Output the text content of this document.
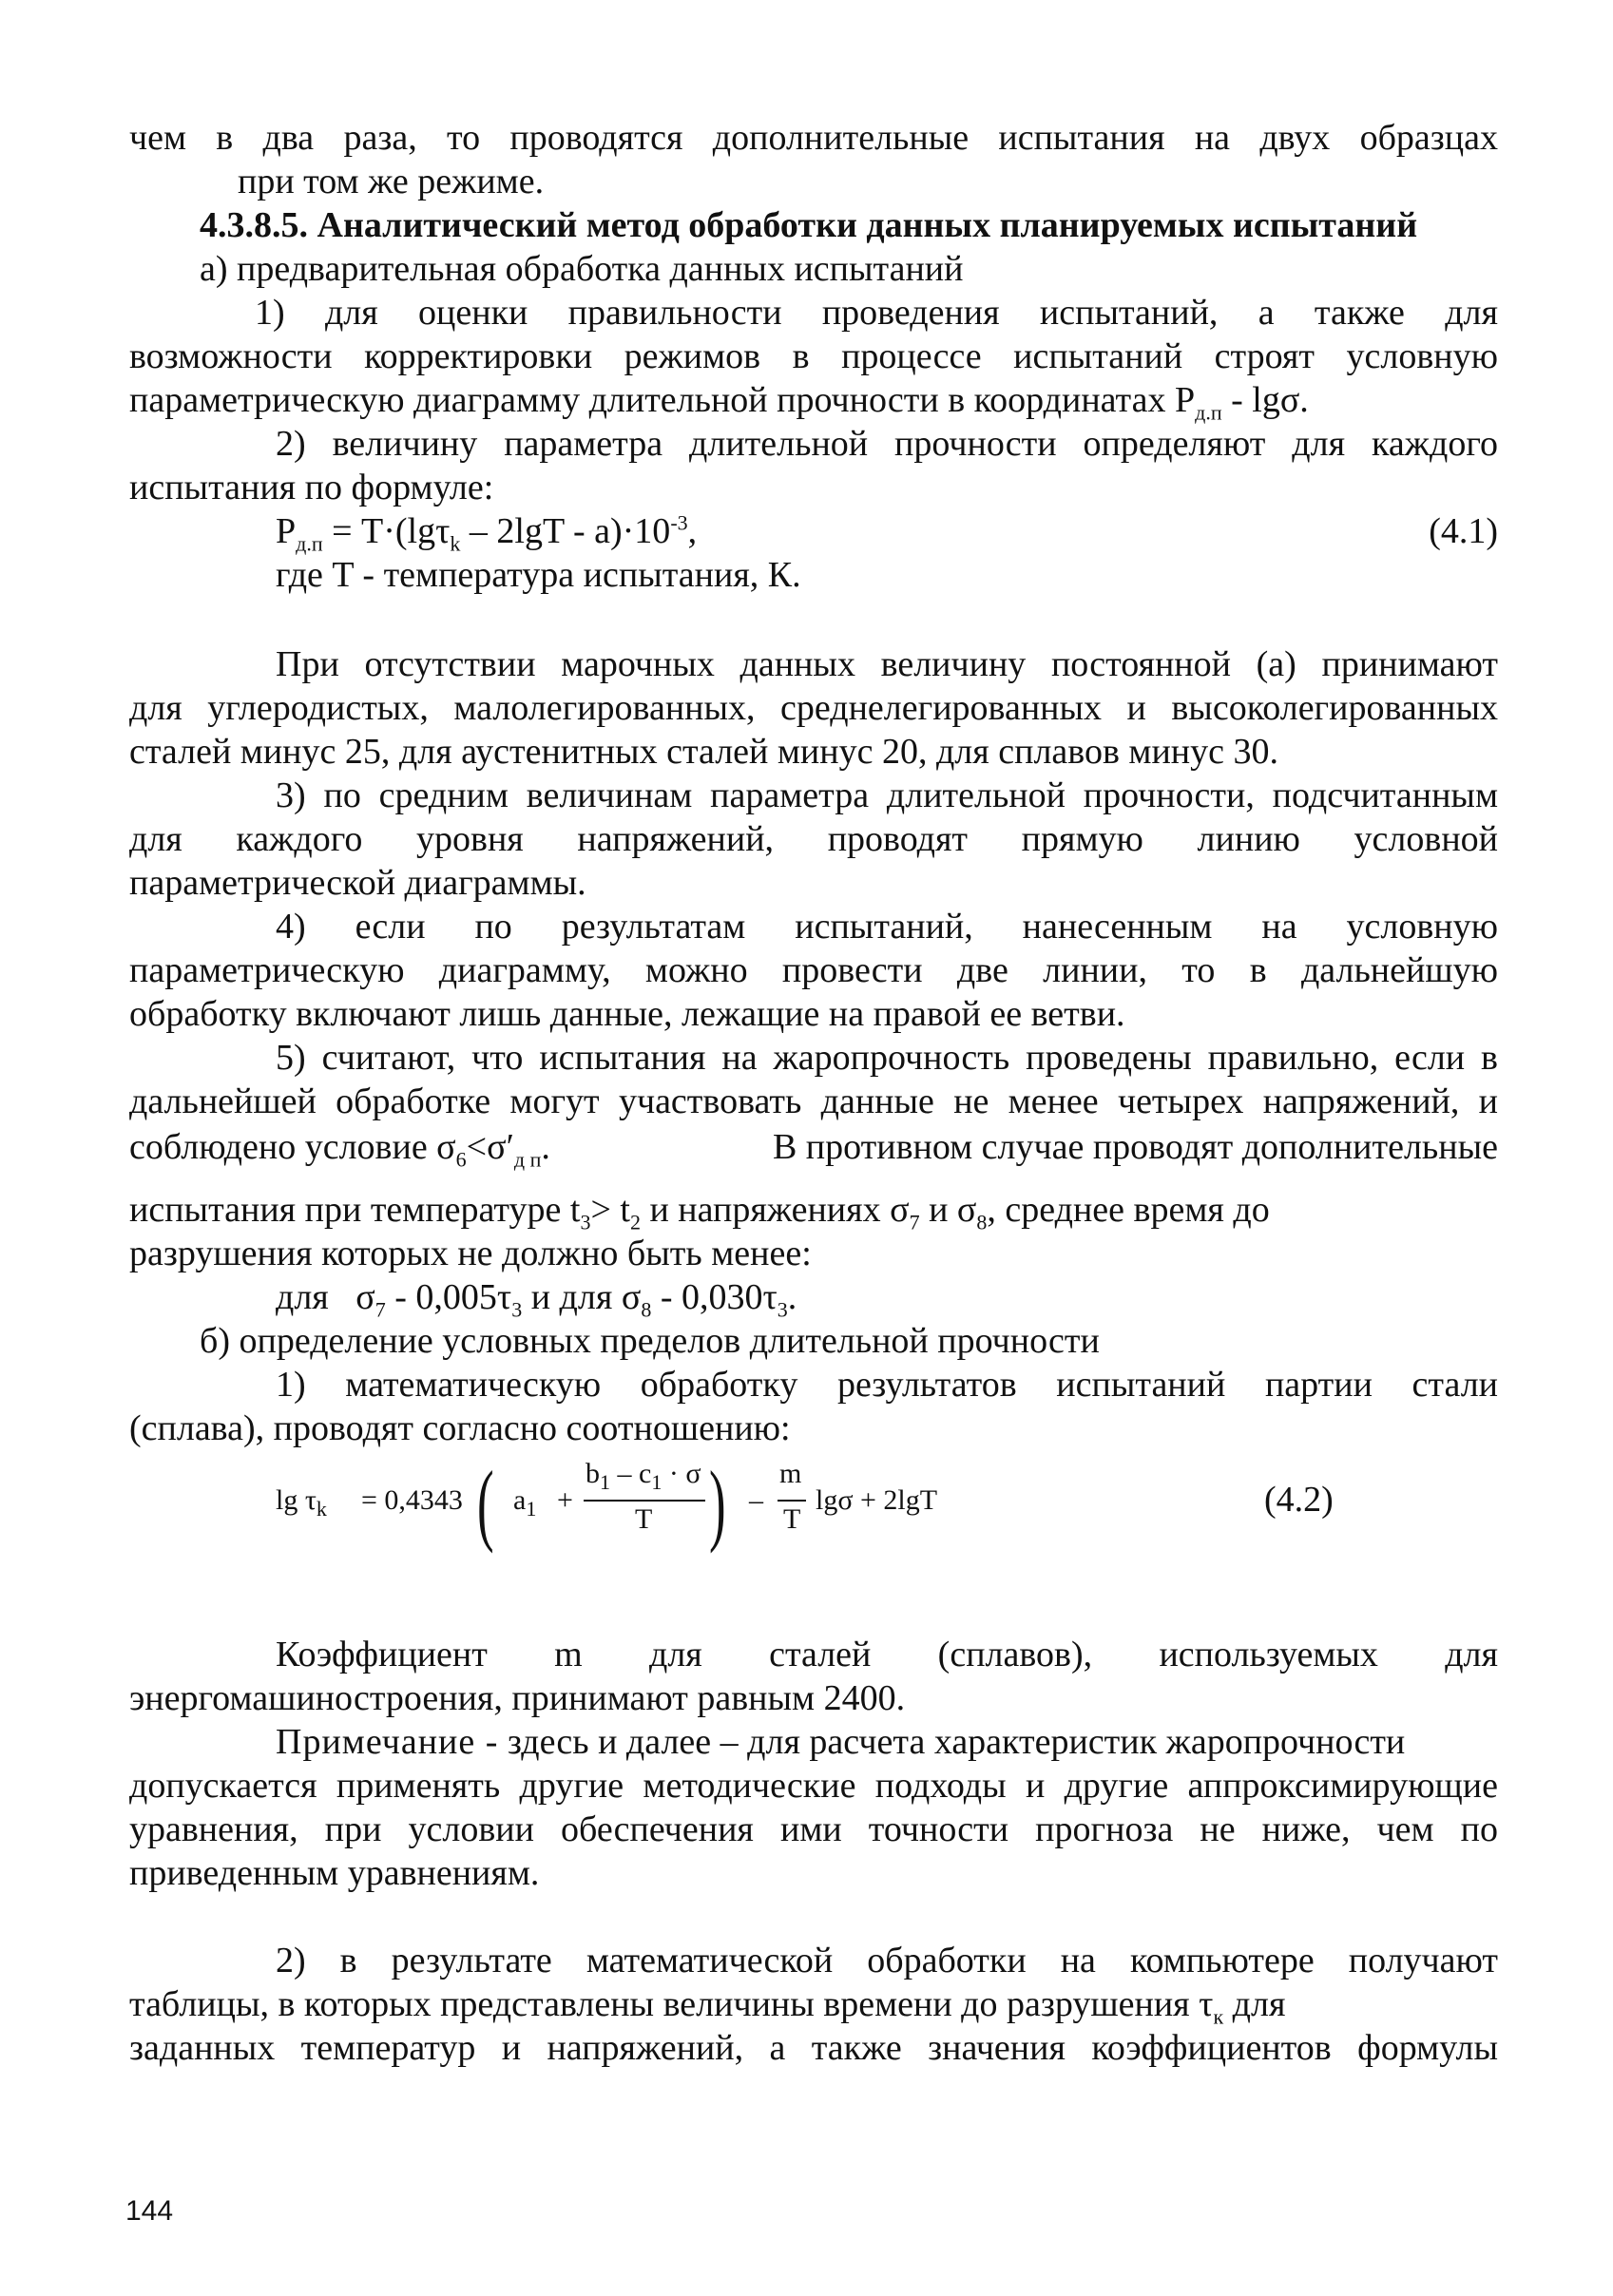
чем в два раза, то проводятся дополнительные испытания на двух образцах
при том же режиме.
4.3.8.5. Аналитический метод обработки данных планируемых испытаний
а) предварительная обработка данных испытаний
1) для оценки правильности проведения испытаний, а также для
возможности корректировки режимов в процессе испытаний строят условную
параметрическую диаграмму длительной прочности в координатах $P_{д.п}$ - lgσ.
2) величину параметра длительной прочности определяют для каждого
испытания по формуле:
$P_{д.п} = T\cdot(\lg\tau_k - 2\lg T - a)\cdot 10^{-3}$,	(4.1)
где T - температура испытания, К.
При отсутствии марочных данных величину постоянной (а) принимают
для углеродистых, малолегированных, среднелегированных и высоколегированных
сталей минус 25, для аустенитных сталей минус 20, для сплавов минус 30.
3) по средним величинам параметра длительной прочности, подсчитанным
для каждого уровня напряжений, проводят прямую линию условной
параметрической диаграммы.
4) если по результатам испытаний, нанесенным на условную
параметрическую диаграмму, можно провести две линии, то в дальнейшую
обработку включают лишь данные, лежащие на правой ее ветви.
5) считают, что испытания на жаропрочность проведены правильно, если в
дальнейшей обработке могут участвовать данные не менее четырех напряжений, и
соблюдено условие $\sigma_6<\sigma'_{д п}$.	В противном случае проводят дополнительные
испытания при температуре $t_3> t_2$ и напряжениях $\sigma_7$ и $\sigma_8$, среднее время до
разрушения которых не должно быть менее:
для $\sigma_7 - 0,005\tau_3$ и для $\sigma_8 - 0,030\tau_3$.
б) определение условных пределов длительной прочности
1) математическую обработку результатов испытаний партии стали
(сплава), проводят согласно соотношению:
$\lg \tau_k = 0,4343$ ( $a_1$ +
$b_1 - c_1 \cdot \sigma$
T ) –
m
T
lgσ + 2lgT	(4.2)
Коэффициент m для сталей (сплавов), используемых для
энергомашиностроения, принимают равным 2400.
Примечание - здесь и далее – для расчета характеристик жаропрочности
допускается применять другие методические подходы и другие аппроксимирующие
уравнения, при условии обеспечения ими точности прогноза не ниже, чем по
приведенным уравнениям.
2) в результате математической обработки на компьютере получают
таблицы, в которых представлены величины времени до разрушения $\tau_к$ для
заданных температур и напряжений, а также значения коэффициентов формулы
144
